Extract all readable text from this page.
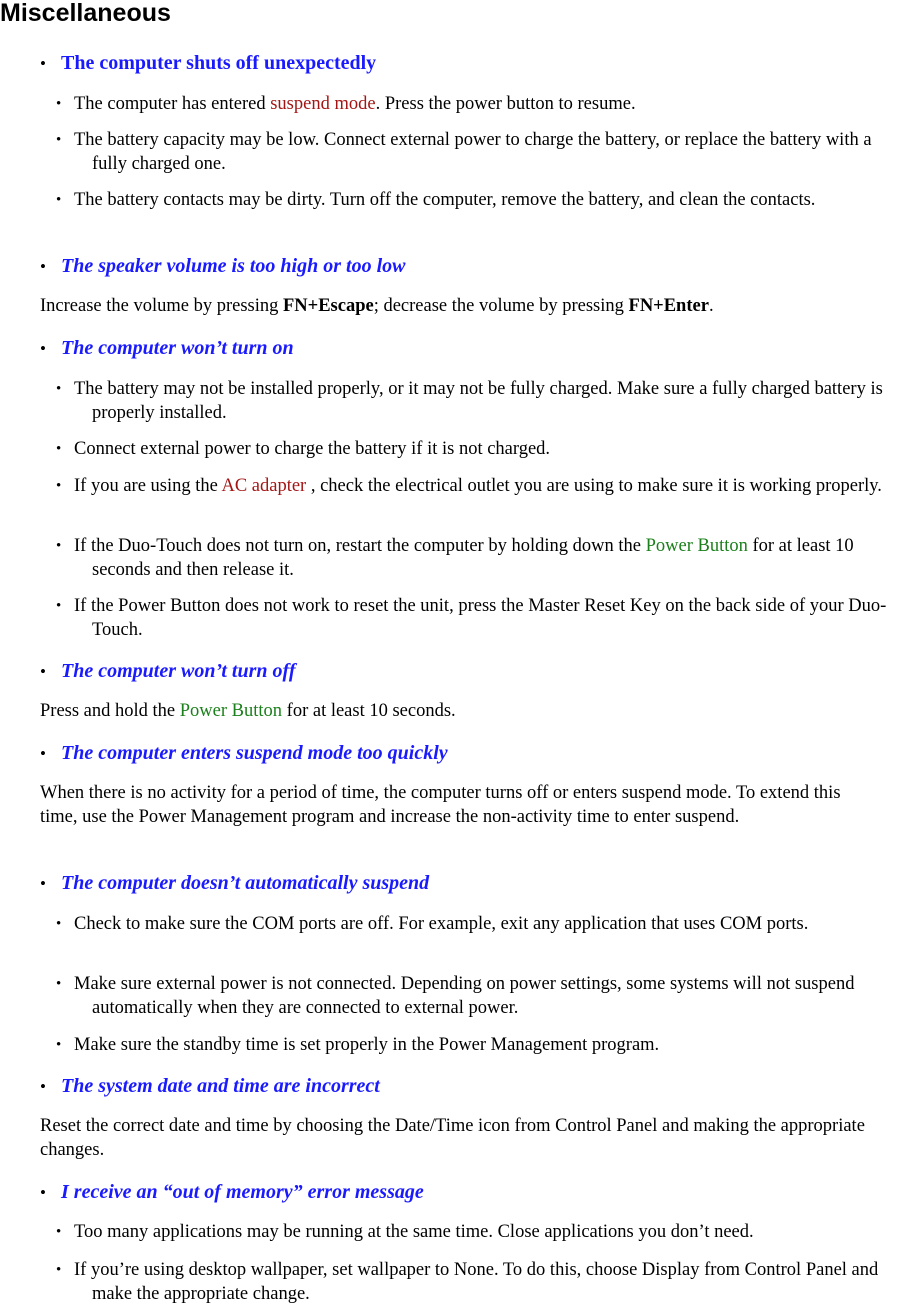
Miscellaneous
• The computer shuts off unexpectedly
• The computer has entered suspend mode. Press the power button to resume.
• The battery capacity may be low. Connect external power to charge the battery, or replace the battery with a fully charged one.
• The battery contacts may be dirty. Turn off the computer, remove the battery, and clean the contacts.
• The speaker volume is too high or too low
Increase the volume by pressing FN+Escape; decrease the volume by pressing FN+Enter.
• The computer won’t turn on
• The battery may not be installed properly, or it may not be fully charged. Make sure a fully charged battery is properly installed.
• Connect external power to charge the battery if it is not charged.
• If you are using the AC adapter , check the electrical outlet you are using to make sure it is working properly.
• If the Duo-Touch does not turn on, restart the computer by holding down the Power Button for at least 10 seconds and then release it.
• If the Power Button does not work to reset the unit, press the Master Reset Key on the back side of your Duo-Touch.
• The computer won’t turn off
Press and hold the Power Button for at least 10 seconds.
• The computer enters suspend mode too quickly
When there is no activity for a period of time, the computer turns off or enters suspend mode. To extend this time, use the Power Management program and increase the non-activity time to enter suspend.
• The computer doesn’t automatically suspend
• Check to make sure the COM ports are off. For example, exit any application that uses COM ports.
• Make sure external power is not connected. Depending on power settings, some systems will not suspend automatically when they are connected to external power.
• Make sure the standby time is set properly in the Power Management program.
• The system date and time are incorrect
Reset the correct date and time by choosing the Date/Time icon from Control Panel and making the appropriate changes.
• I receive an “out of memory” error message
• Too many applications may be running at the same time. Close applications you don’t need.
• If you’re using desktop wallpaper, set wallpaper to None. To do this, choose Display from Control Panel and make the appropriate change.
